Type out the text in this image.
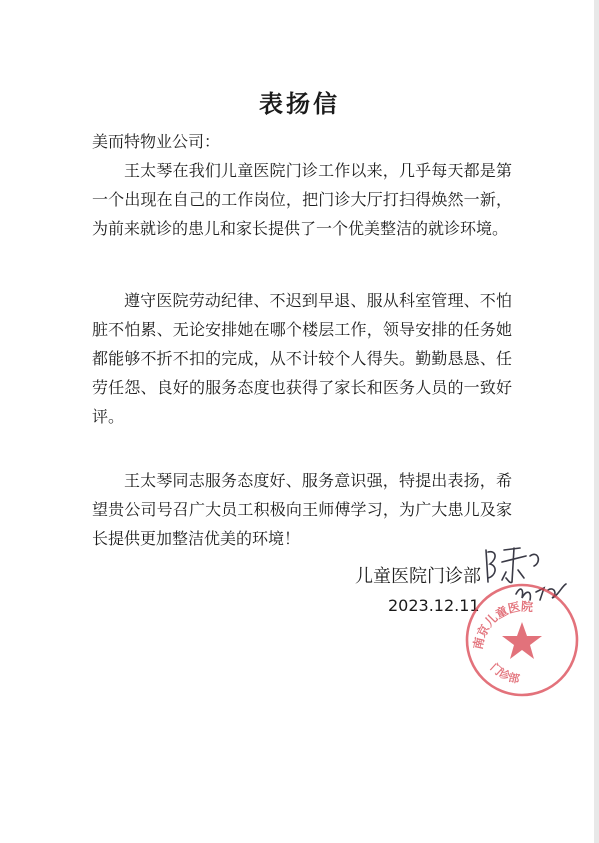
表扬信
美而特物业公司：
王太琴在我们儿童医院门诊工作以来，几乎每天都是第一个出现在自己的工作岗位，把门诊大厅打扫得焕然一新，为前来就诊的患儿和家长提供了一个优美整洁的就诊环境。
遵守医院劳动纪律、不迟到早退、服从科室管理、不怕脏不怕累、无论安排她在哪个楼层工作，领导安排的任务她都能够不折不扣的完成，从不计较个人得失。勤勤恳恳、任劳任怨、良好的服务态度也获得了家长和医务人员的一致好评。
王太琴同志服务态度好、服务意识强，特提出表扬，希望贵公司号召广大员工积极向王师傅学习，为广大患儿及家长提供更加整洁优美的环境！
儿童医院门诊部
2023.12.11
南京儿童医院
门诊部
